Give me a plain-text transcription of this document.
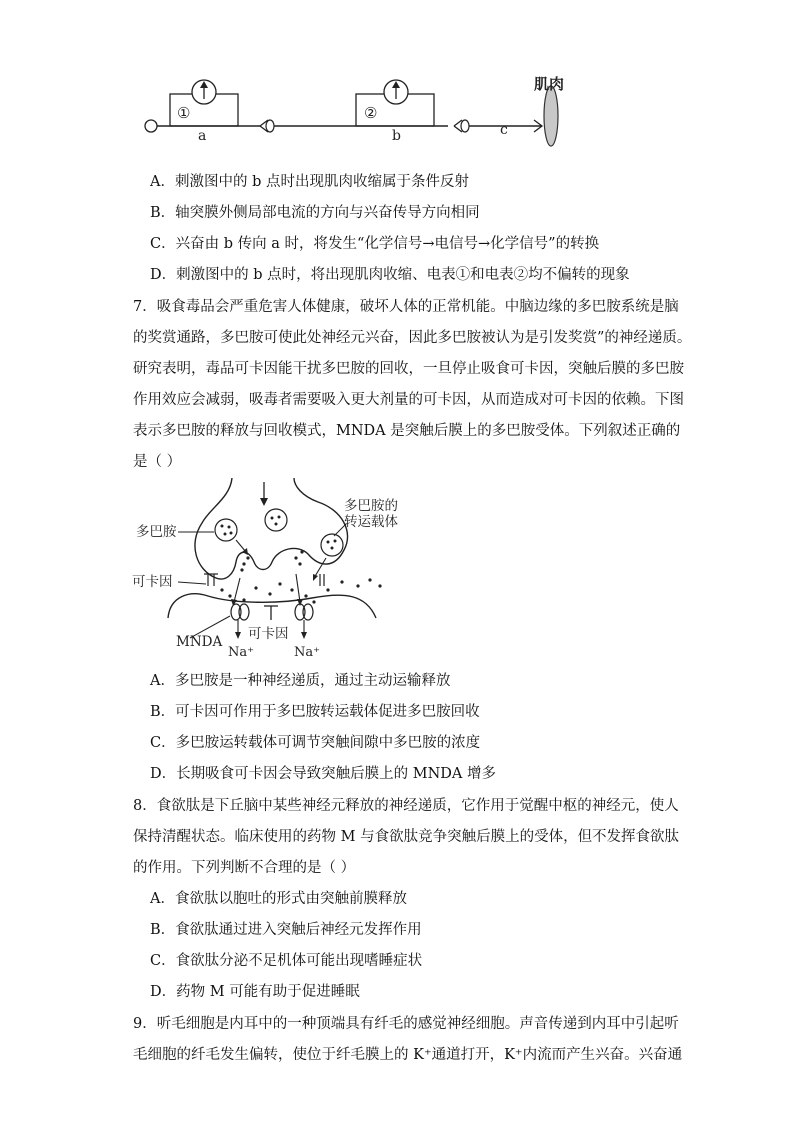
①
a
②
b	c
肌肉
A．刺激图中的 b 点时出现肌肉收缩属于条件反射
B．轴突膜外侧局部电流的方向与兴奋传导方向相同
C．兴奋由 b 传向 a 时，将发生“化学信号→电信号→化学信号”的转换
D．刺激图中的 b 点时，将出现肌肉收缩、电表①和电表②均不偏转的现象
7．吸食毒品会严重危害人体健康，破坏人体的正常机能。中脑边缘的多巴胺系统是脑
的奖赏通路，多巴胺可使此处神经元兴奋，因此多巴胺被认为是引发奖赏”的神经递质。
研究表明，毒品可卡因能干扰多巴胺的回收，一旦停止吸食可卡因，突触后膜的多巴胺
作用效应会减弱，吸毒者需要吸入更大剂量的可卡因，从而造成对可卡因的依赖。下图
表示多巴胺的释放与回收模式，MNDA 是突触后膜上的多巴胺受体。下列叙述正确的
是（ ）
多巴胺
多巴胺的
转运载体
可卡因
可卡因
MNDA
Na⁺	Na⁺
A．多巴胺是一种神经递质，通过主动运输释放
B．可卡因可作用于多巴胺转运载体促进多巴胺回收
C．多巴胺运转载体可调节突触间隙中多巴胺的浓度
D．长期吸食可卡因会导致突触后膜上的 MNDA 增多
8．食欲肽是下丘脑中某些神经元释放的神经递质，它作用于觉醒中枢的神经元，使人
保持清醒状态。临床使用的药物 M 与食欲肽竞争突触后膜上的受体，但不发挥食欲肽
的作用。下列判断不合理的是（ ）
A．食欲肽以胞吐的形式由突触前膜释放
B．食欲肽通过进入突触后神经元发挥作用
C．食欲肽分泌不足机体可能出现嗜睡症状
D．药物 M 可能有助于促进睡眠
9．听毛细胞是内耳中的一种顶端具有纤毛的感觉神经细胞。声音传递到内耳中引起听
毛细胞的纤毛发生偏转，使位于纤毛膜上的 K⁺通道打开，K⁺内流而产生兴奋。兴奋通
